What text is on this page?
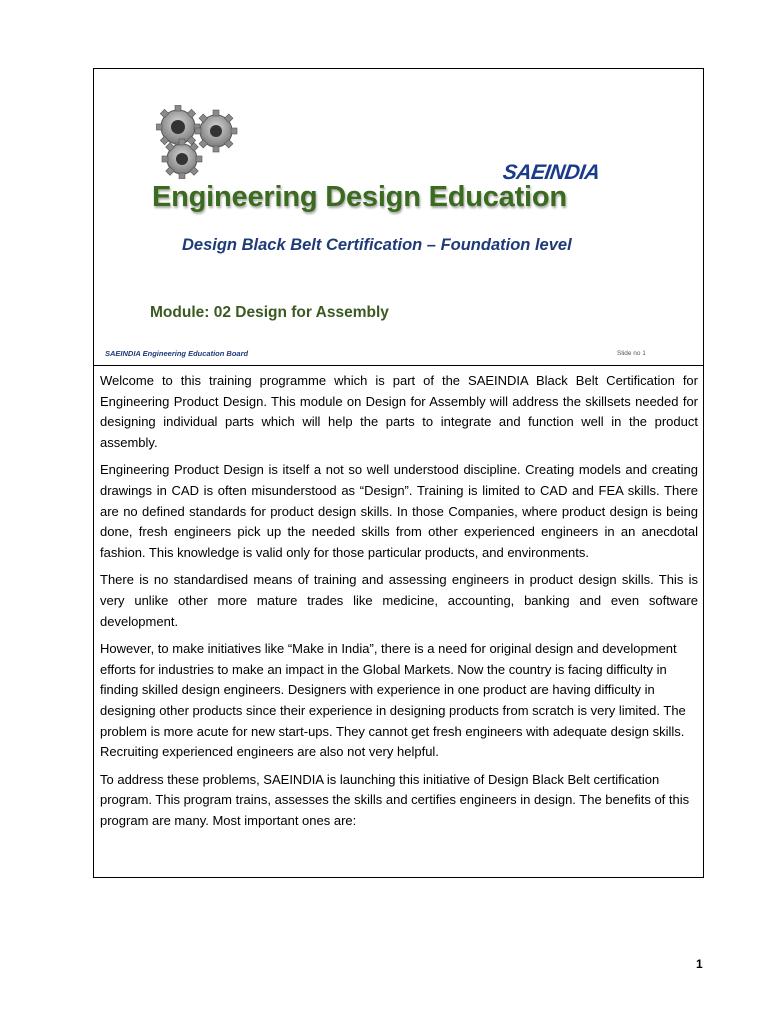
SAEINDIA
Engineering Design Education
Design Black Belt Certification – Foundation level
Module: 02 Design for Assembly
SAEINDIA Engineering Education Board	Slide no 1

Welcome to this training programme which is part of the SAEINDIA Black Belt Certification for Engineering Product Design. This module on Design for Assembly will address the skillsets needed for designing individual parts which will help the parts to integrate and function well in the product assembly.

Engineering Product Design is itself a not so well understood discipline. Creating models and creating drawings in CAD is often misunderstood as “Design”. Training is limited to CAD and FEA skills. There are no defined standards for product design skills. In those Companies, where product design is being done, fresh engineers pick up the needed skills from other experienced engineers in an anecdotal fashion. This knowledge is valid only for those particular products, and environments.

There is no standardised means of training and assessing engineers in product design skills. This is very unlike other more mature trades like medicine, accounting, banking and even software development.

However, to make initiatives like “Make in India”, there is a need for original design and development efforts for industries to make an impact in the Global Markets. Now the country is facing difficulty in finding skilled design engineers. Designers with experience in one product are having difficulty in designing other products since their experience in designing products from scratch is very limited. The problem is more acute for new start-ups. They cannot get fresh engineers with adequate design skills. Recruiting experienced engineers are also not very helpful.

To address these problems, SAEINDIA is launching this initiative of Design Black Belt certification program. This program trains, assesses the skills and certifies engineers in design. The benefits of this program are many. Most important ones are:

1
